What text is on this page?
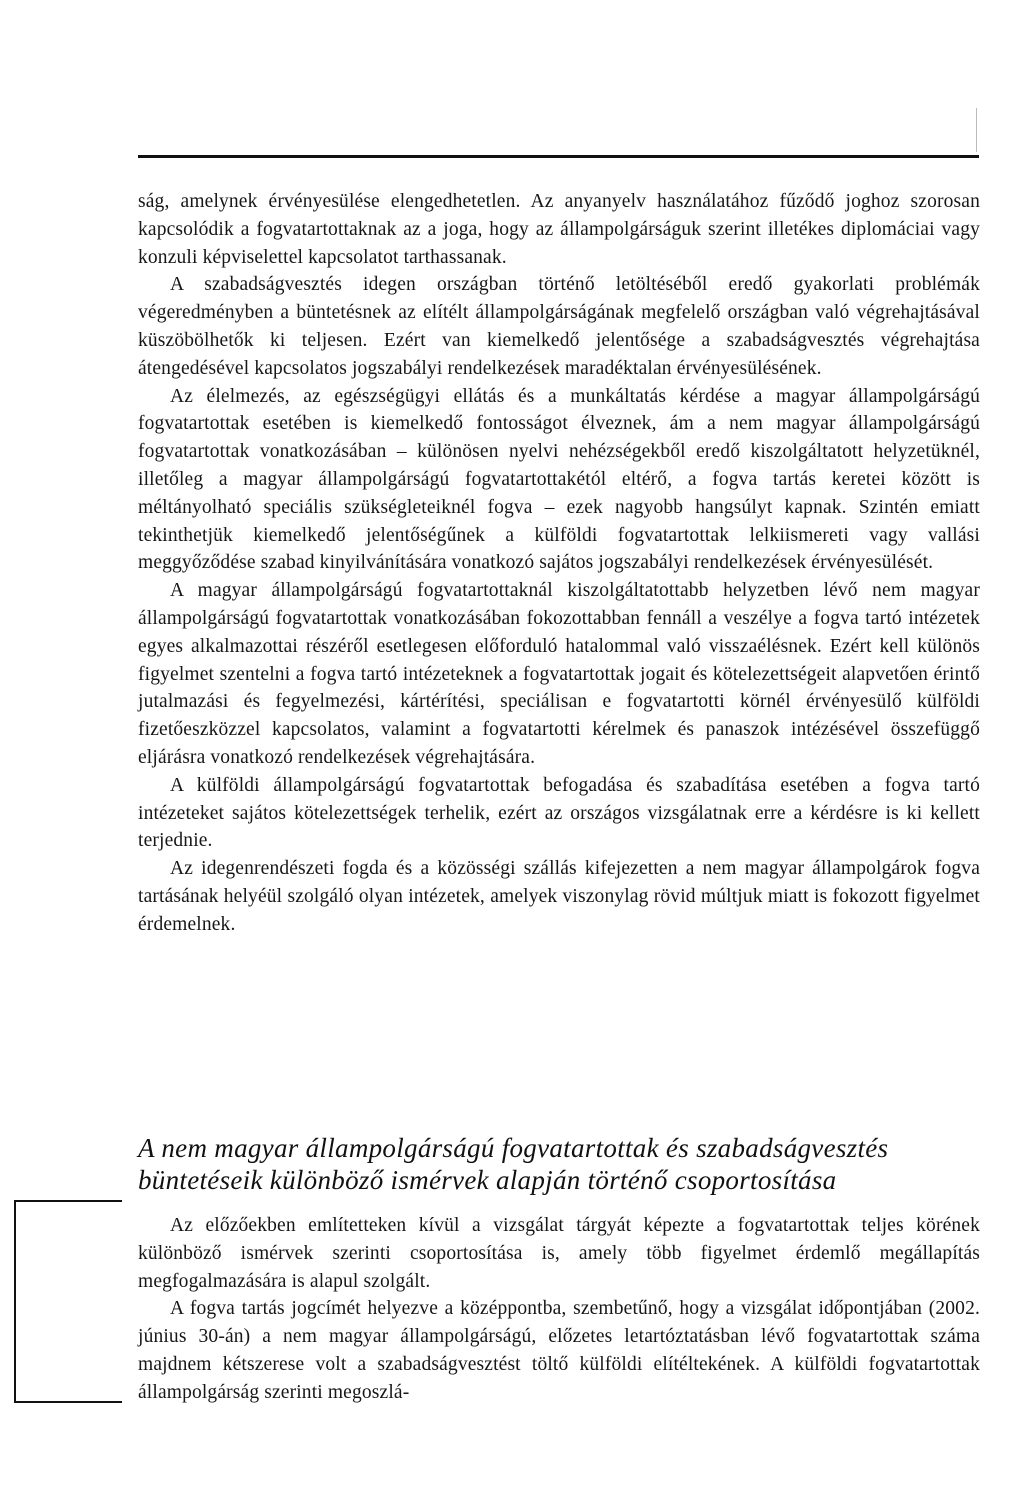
ság, amelynek érvényesülése elengedhetetlen. Az anyanyelv használatához fűződő joghoz szorosan kapcsolódik a fogvatartottaknak az a joga, hogy az állampolgárságuk szerint illetékes diplomáciai vagy konzuli képviselettel kapcsolatot tarthassanak.

A szabadságvesztés idegen országban történő letöltéséből eredő gyakorlati problémák végeredményben a büntetésnek az elítélt állampolgárságának megfelelő országban való végrehajtásával küszöbölhetők ki teljesen. Ezért van kiemelkedő jelentősége a szabadságvesztés végrehajtása átengedésével kapcsolatos jogszabályi rendelkezések maradéktalan érvényesülésének.

Az élelmezés, az egészségügyi ellátás és a munkáltatás kérdése a magyar állampolgárságú fogvatartottak esetében is kiemelkedő fontosságot élveznek, ám a nem magyar állampolgárságú fogvatartottak vonatkozásában – különösen nyelvi nehézségekből eredő kiszolgáltatott helyzetüknél, illetőleg a magyar állampolgárságú fogvatartottakétól eltérő, a fogva tartás keretei között is méltányolható speciális szükségleteiknél fogva – ezek nagyobb hangsúlyt kapnak. Szintén emiatt tekinthetjük kiemelkedő jelentőségűnek a külföldi fogvatartottak lelkiismereti vagy vallási meggyőződése szabad kinyilvánítására vonatkozó sajátos jogszabályi rendelkezések érvényesülését.

A magyar állampolgárságú fogvatartottaknál kiszolgáltatottabb helyzetben lévő nem magyar állampolgárságú fogvatartottak vonatkozásában fokozottabban fennáll a veszélye a fogva tartó intézetek egyes alkalmazottai részéről esetlegesen előforduló hatalommal való visszaélésnek. Ezért kell különös figyelmet szentelni a fogva tartó intézeteknek a fogvatartottak jogait és kötelezettségeit alapvetően érintő jutalmazási és fegyelmezési, kártérítési, speciálisan e fogvatartotti körnél érvényesülő külföldi fizetőeszközzel kapcsolatos, valamint a fogvatartotti kérelmek és panaszok intézésével összefüggő eljárásra vonatkozó rendelkezések végrehajtására.

A külföldi állampolgárságú fogvatartottak befogadása és szabadítása esetében a fogva tartó intézeteket sajátos kötelezettségek terhelik, ezért az országos vizsgálatnak erre a kérdésre is ki kellett terjednie.

Az idegenrendészeti fogda és a közösségi szállás kifejezetten a nem magyar állampolgárok fogva tartásának helyéül szolgáló olyan intézetek, amelyek viszonylag rövid múltjuk miatt is fokozott figyelmet érdemelnek.

A nem magyar állampolgárságú fogvatartottak és szabadságvesztés büntetéseik különböző ismérvek alapján történő csoportosítása

Az előzőekben említetteken kívül a vizsgálat tárgyát képezte a fogvatartottak teljes körének különböző ismérvek szerinti csoportosítása is, amely több figyelmet érdemlő megállapítás megfogalmazására is alapul szolgált.

A fogva tartás jogcímét helyezve a középpontba, szembetűnő, hogy a vizsgálat időpontjában (2002. június 30-án) a nem magyar állampolgárságú, előzetes letartóztatásban lévő fogvatartottak száma majdnem kétszerese volt a szabadságvesztést töltő külföldi elítéltekének. A külföldi fogvatartottak állampolgárság szerinti megoszlá-
